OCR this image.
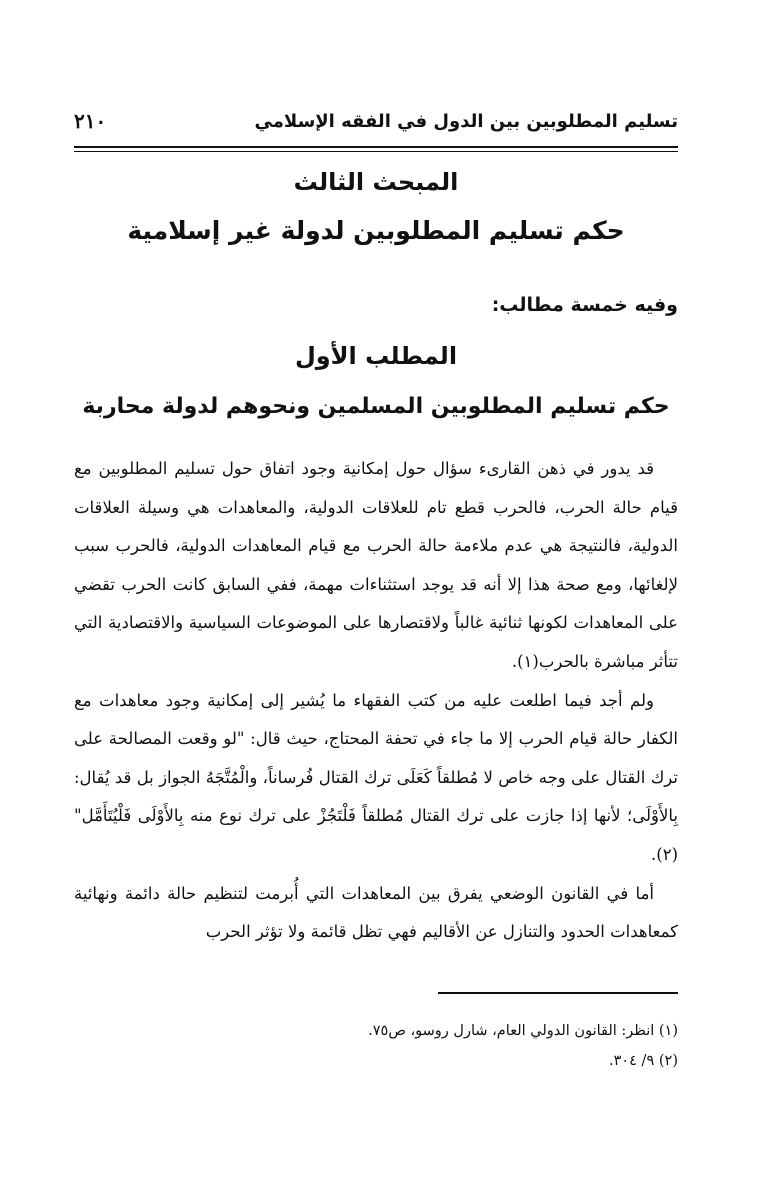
تسليم المطلوبين بين الدول في الفقه الإسلامي
٢١٠
المبحث الثالث
حكم تسليم المطلوبين لدولة غير إسلامية
وفيه خمسة مطالب:
المطلب الأول
حكم تسليم المطلوبين المسلمين ونحوهم لدولة محاربة

قد يدور في ذهن القارىء سؤال حول إمكانية وجود اتفاق حول تسليم المطلوبين مع قيام حالة الحرب، فالحرب قطع تام للعلاقات الدولية، والمعاهدات هي وسيلة العلاقات الدولية، فالنتيجة هي عدم ملاءمة حالة الحرب مع قيام المعاهدات الدولية، فالحرب سبب لإلغائها، ومع صحة هذا إلا أنه قد يوجد استثناءات مهمة، ففي السابق كانت الحرب تقضي على المعاهدات لكونها ثنائية غالباً ولاقتصارها على الموضوعات السياسية والاقتصادية التي تتأثر مباشرة بالحرب(١).

ولم أجد فيما اطلعت عليه من كتب الفقهاء ما يُشير إلى إمكانية وجود معاهدات مع الكفار حالة قيام الحرب إلا ما جاء في تحفة المحتاج، حيث قال: "لو وقعت المصالحة على ترك القتال على وجه خاص لا مُطلقاً كَعَلَى ترك القتال فُرساناً، والْمُتَّجَهُ الجواز بل قد يُقال: بِالأَوْلَى؛ لأنها إذا جازت على ترك القتال مُطلقاً فَلْتَجُزْ على ترك نوع منه بِالأَوْلَى فَلْيُتَأَمَّل"(٢).

أما في القانون الوضعي يفرق بين المعاهدات التي أُبرمت لتنظيم حالة دائمة ونهائية كمعاهدات الحدود والتنازل عن الأقاليم فهي تظل قائمة ولا تؤثر الحرب

(١) انظر: القانون الدولي العام، شارل روسو، ص٧٥.
(٢) ٩/ ٣٠٤.
